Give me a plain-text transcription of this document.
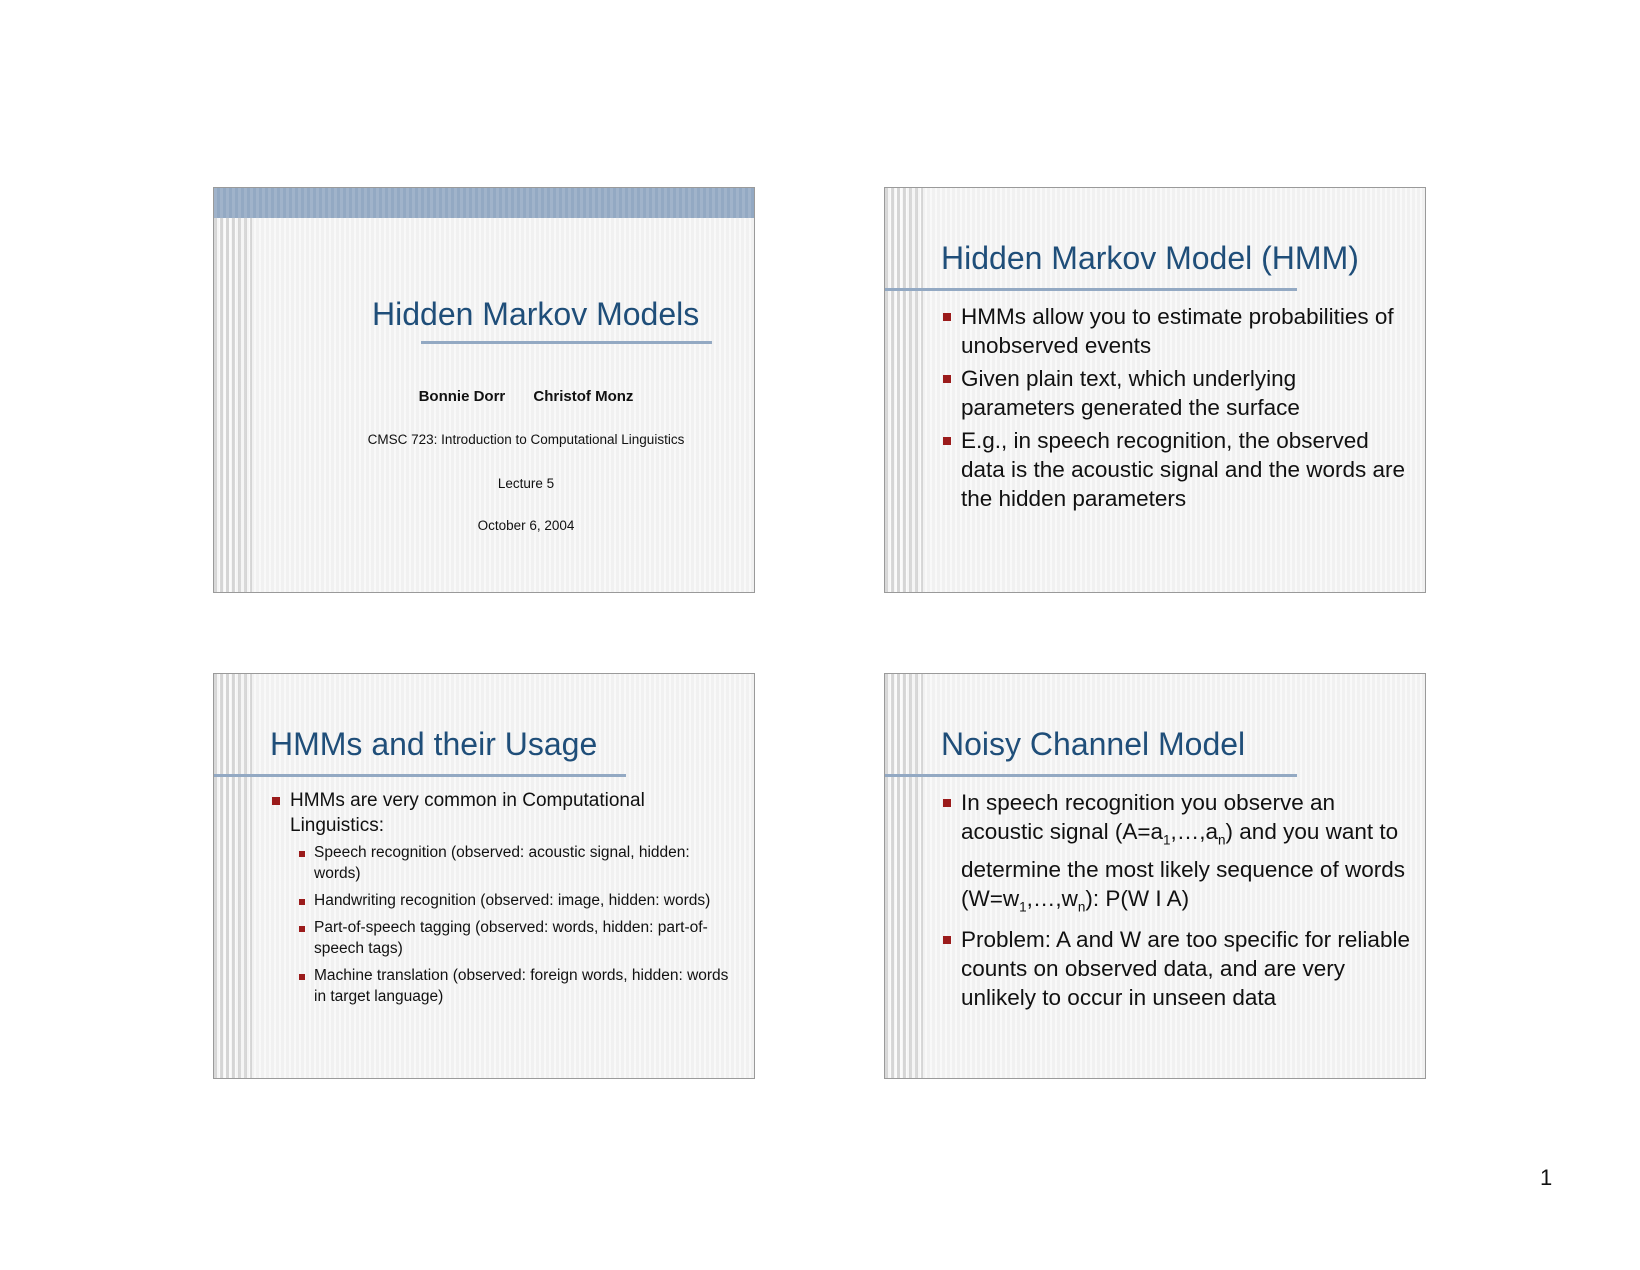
Hidden Markov Models
Bonnie Dorr Christof Monz
CMSC 723: Introduction to Computational Linguistics
Lecture 5
October 6, 2004
Hidden Markov Model (HMM)
HMMs allow you to estimate probabilities of unobserved events
Given plain text, which underlying parameters generated the surface
E.g., in speech recognition, the observed data is the acoustic signal and the words are the hidden parameters
HMMs and their Usage
HMMs are very common in Computational Linguistics:
Speech recognition (observed: acoustic signal, hidden: words)
Handwriting recognition (observed: image, hidden: words)
Part-of-speech tagging (observed: words, hidden: part-of-speech tags)
Machine translation (observed: foreign words, hidden: words in target language)
Noisy Channel Model
In speech recognition you observe an acoustic signal $(A=a_1,\dots,a_n)$ and you want to determine the most likely sequence of words $(W=w_1,\dots,w_n)$: P(W I A)
Problem: A and W are too specific for reliable counts on observed data, and are very unlikely to occur in unseen data
1
